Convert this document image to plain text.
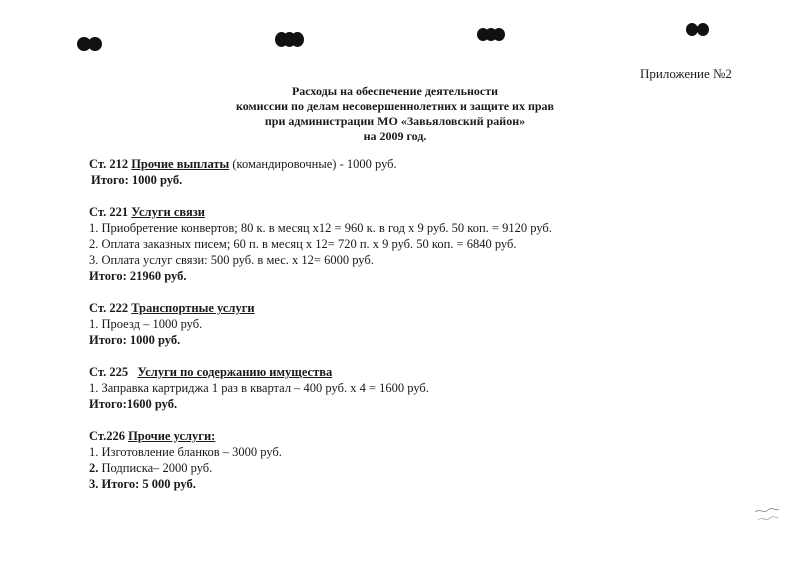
Приложение №2
Расходы на обеспечение деятельности
комиссии по делам несовершеннолетних и защите их прав
при администрации МО «Завьяловский район»
на 2009 год.
Ст. 212 Прочие выплаты (командировочные) - 1000 руб.
Итого: 1000 руб.
Ст. 221 Услуги связи
1. Приобретение конвертов; 80 к. в месяц х12 = 960 к. в год х 9 руб. 50 коп. = 9120 руб.
2. Оплата заказных писем; 60 п. в месяц х 12= 720 п. х 9 руб. 50 коп. = 6840 руб.
3. Оплата услуг связи: 500 руб. в мес. х 12= 6000 руб.
Итого: 21960 руб.
Ст. 222 Транспортные услуги
1. Проезд – 1000 руб.
Итого: 1000 руб.
Ст. 225 Услуги по содержанию имущества
1. Заправка картриджа 1 раз в квартал – 400 руб. х 4 = 1600 руб.
Итого:1600 руб.
Ст.226 Прочие услуги:
1. Изготовление бланков – 3000 руб.
2. Подписка– 2000 руб.
3. Итого: 5 000 руб.
